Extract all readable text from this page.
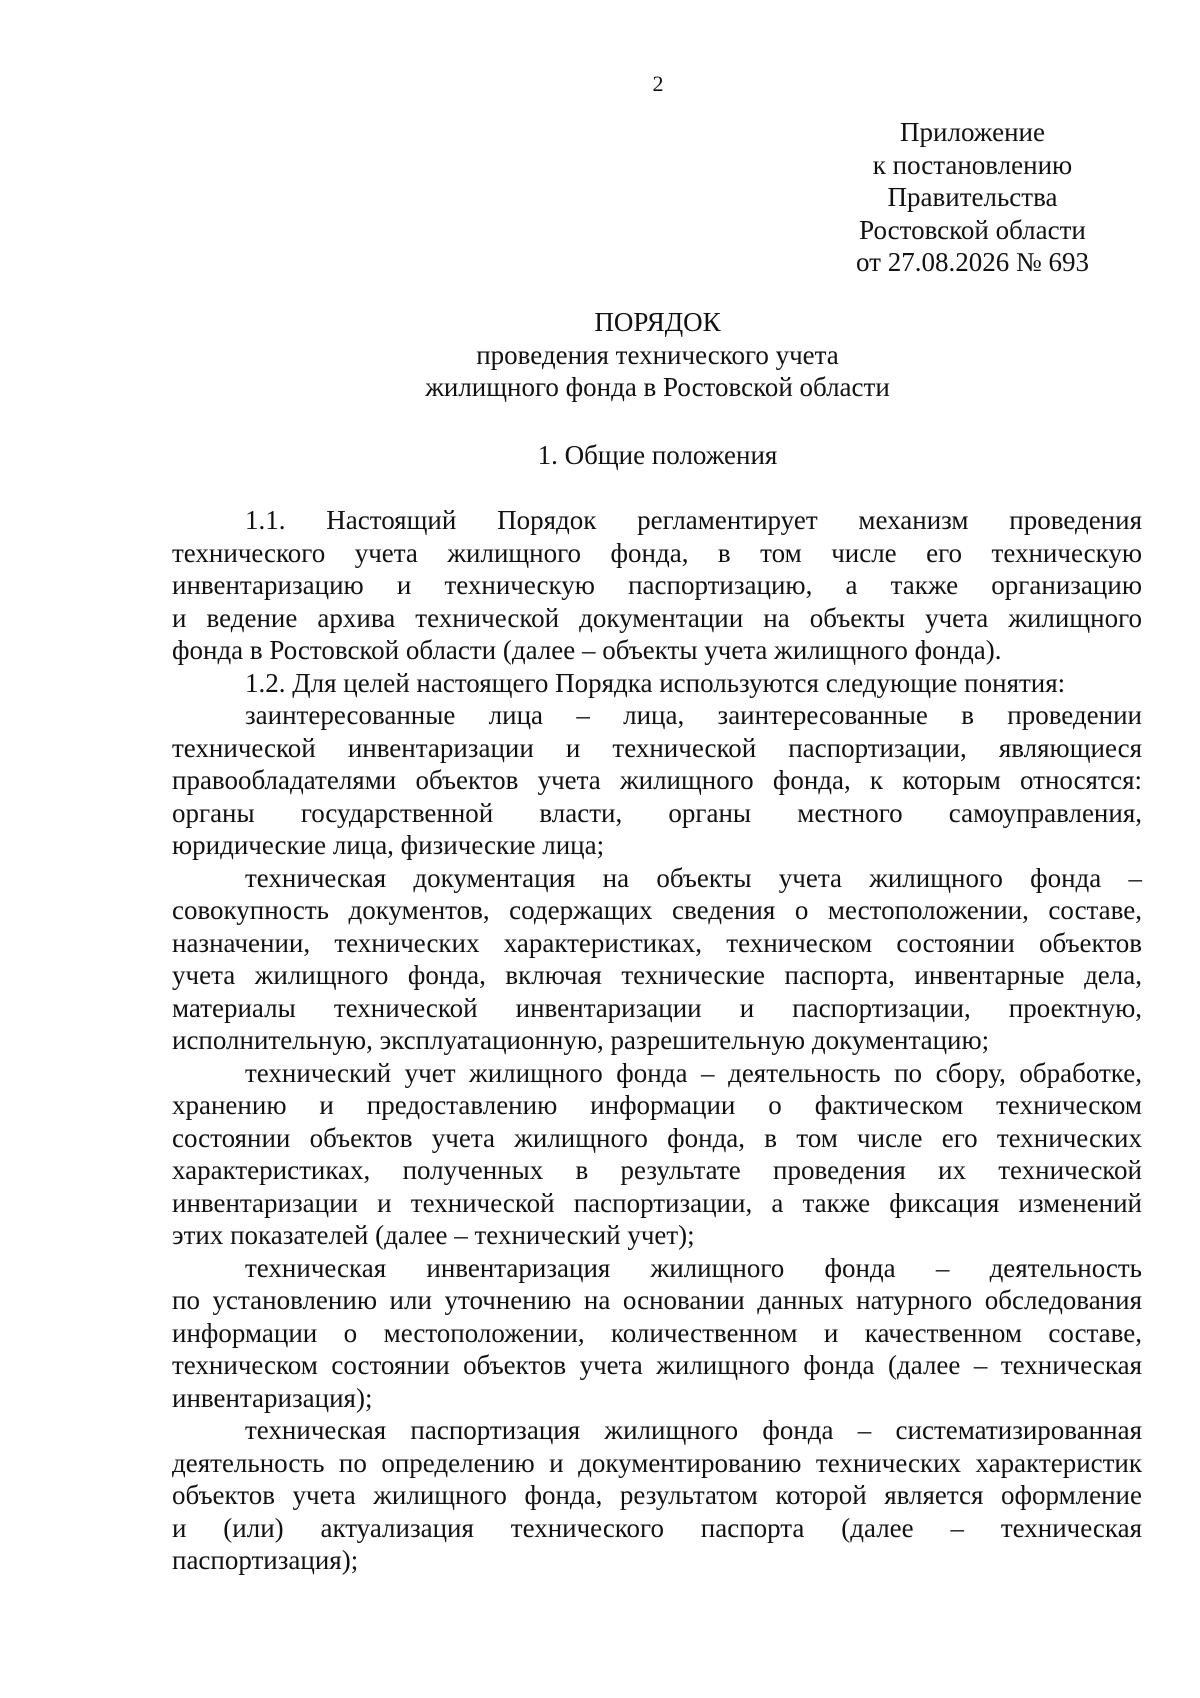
2
Приложение
к постановлению
Правительства
Ростовской области
от 27.08.2026 № 693
ПОРЯДОК
проведения технического учета
жилищного фонда в Ростовской области
1. Общие положения
1.1. Настоящий Порядок регламентирует механизм проведения
технического учета жилищного фонда, в том числе его техническую
инвентаризацию и техническую паспортизацию, а также организацию
и ведение архива технической документации на объекты учета жилищного
фонда в Ростовской области (далее – объекты учета жилищного фонда).
1.2. Для целей настоящего Порядка используются следующие понятия:
заинтересованные лица – лица, заинтересованные в проведении
технической инвентаризации и технической паспортизации, являющиеся
правообладателями объектов учета жилищного фонда, к которым относятся:
органы государственной власти, органы местного самоуправления,
юридические лица, физические лица;
техническая документация на объекты учета жилищного фонда –
совокупность документов, содержащих сведения о местоположении, составе,
назначении, технических характеристиках, техническом состоянии объектов
учета жилищного фонда, включая технические паспорта, инвентарные дела,
материалы технической инвентаризации и паспортизации, проектную,
исполнительную, эксплуатационную, разрешительную документацию;
технический учет жилищного фонда – деятельность по сбору, обработке,
хранению и предоставлению информации о фактическом техническом
состоянии объектов учета жилищного фонда, в том числе его технических
характеристиках, полученных в результате проведения их технической
инвентаризации и технической паспортизации, а также фиксация изменений
этих показателей (далее – технический учет);
техническая инвентаризация жилищного фонда – деятельность
по установлению или уточнению на основании данных натурного обследования
информации о местоположении, количественном и качественном составе,
техническом состоянии объектов учета жилищного фонда (далее – техническая
инвентаризация);
техническая паспортизация жилищного фонда – систематизированная
деятельность по определению и документированию технических характеристик
объектов учета жилищного фонда, результатом которой является оформление
и (или) актуализация технического паспорта (далее – техническая
паспортизация);
